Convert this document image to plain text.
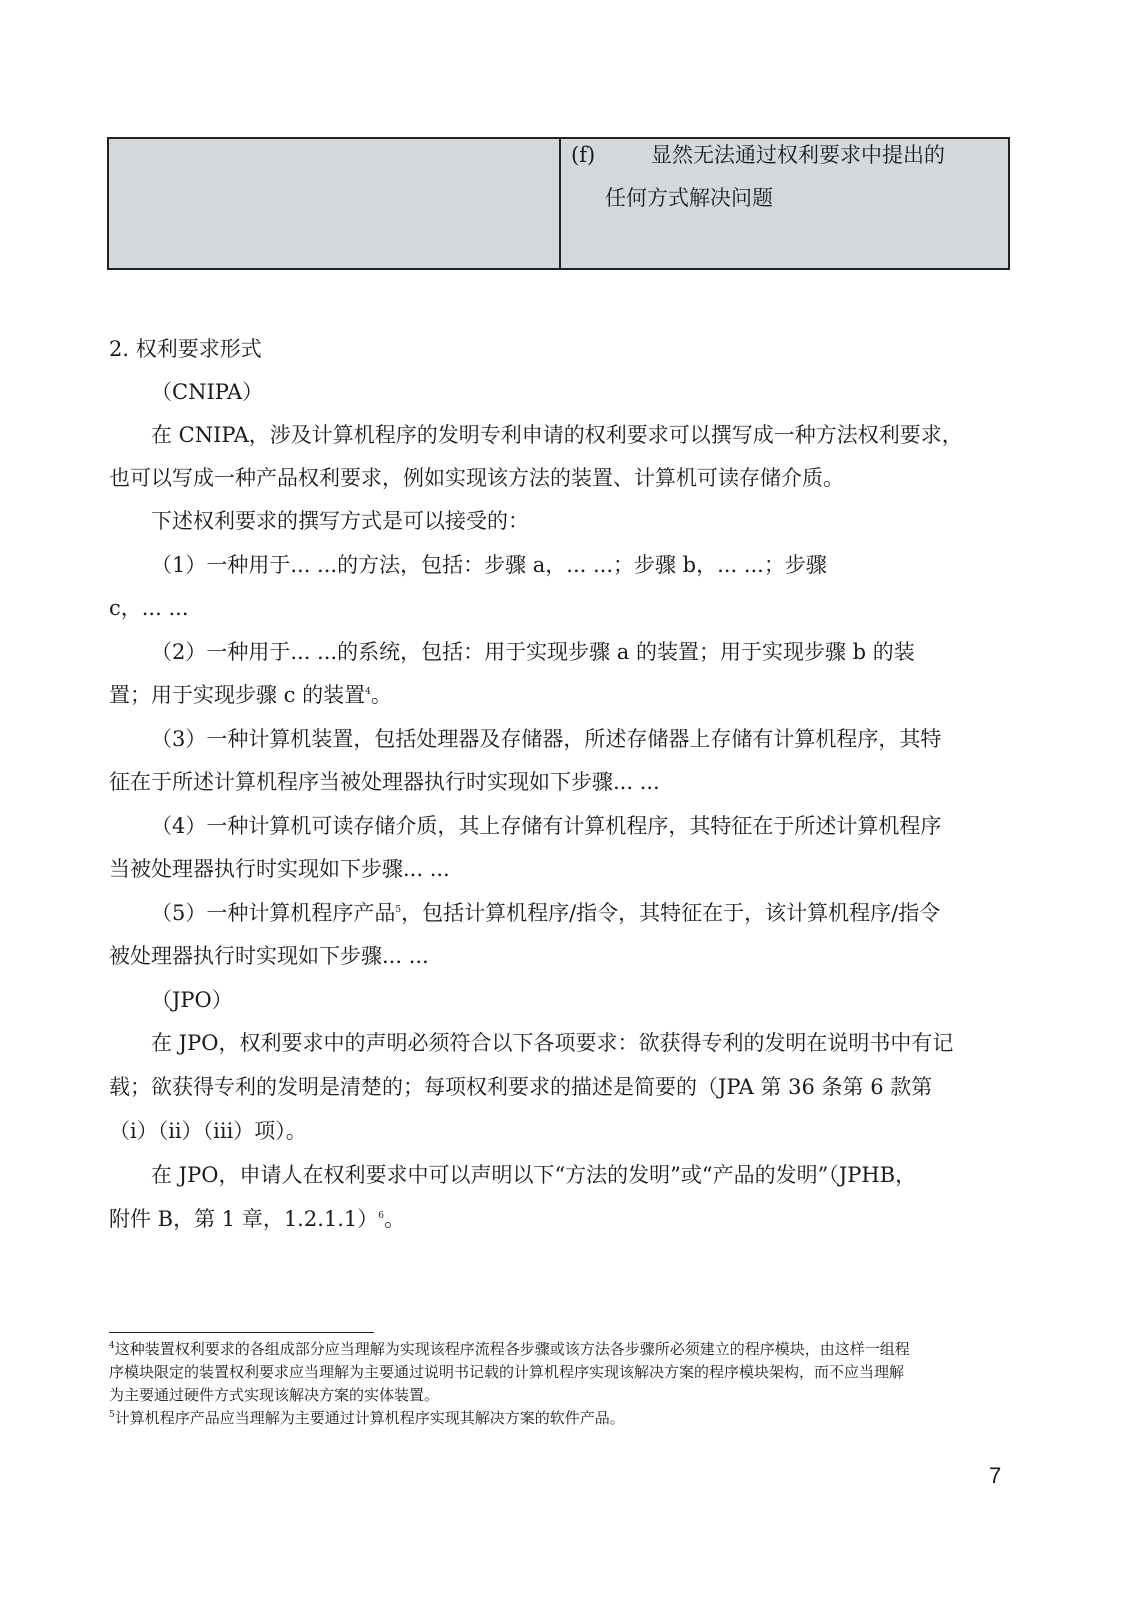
(f)	显然无法通过权利要求中提出的
任何方式解决问题

2. 权利要求形式

（CNIPA）

在 CNIPA，涉及计算机程序的发明专利申请的权利要求可以撰写成一种方法权利要求，

也可以写成一种产品权利要求，例如实现该方法的装置、计算机可读存储介质。

下述权利要求的撰写方式是可以接受的：

（1）一种用于... ...的方法，包括：步骤 a，... ...；步骤 b，... ...；步骤

c，... ...

（2）一种用于... ...的系统，包括：用于实现步骤 a 的装置；用于实现步骤 b 的装

置；用于实现步骤 c 的装置$^4$。

（3）一种计算机装置，包括处理器及存储器，所述存储器上存储有计算机程序，其特

征在于所述计算机程序当被处理器执行时实现如下步骤... ...

（4）一种计算机可读存储介质，其上存储有计算机程序，其特征在于所述计算机程序

当被处理器执行时实现如下步骤... ...

（5）一种计算机程序产品$^5$，包括计算机程序/指令，其特征在于，该计算机程序/指令

被处理器执行时实现如下步骤... ...

（JPO）

在 JPO，权利要求中的声明必须符合以下各项要求：欲获得专利的发明在说明书中有记

载；欲获得专利的发明是清楚的；每项权利要求的描述是简要的（JPA 第 36 条第 6 款第

（i）（ii）（iii）项）。

在 JPO，申请人在权利要求中可以声明以下“方法的发明”或“产品的发明”（JPHB，

附件 B，第 1 章，1.2.1.1）$^6$。

$^4$这种装置权利要求的各组成部分应当理解为实现该程序流程各步骤或该方法各步骤所必须建立的程序模块，由这样一组程

序模块限定的装置权利要求应当理解为主要通过说明书记载的计算机程序实现该解决方案的程序模块架构，而不应当理解

为主要通过硬件方式实现该解决方案的实体装置。

$^5$计算机程序产品应当理解为主要通过计算机程序实现其解决方案的软件产品。

7
